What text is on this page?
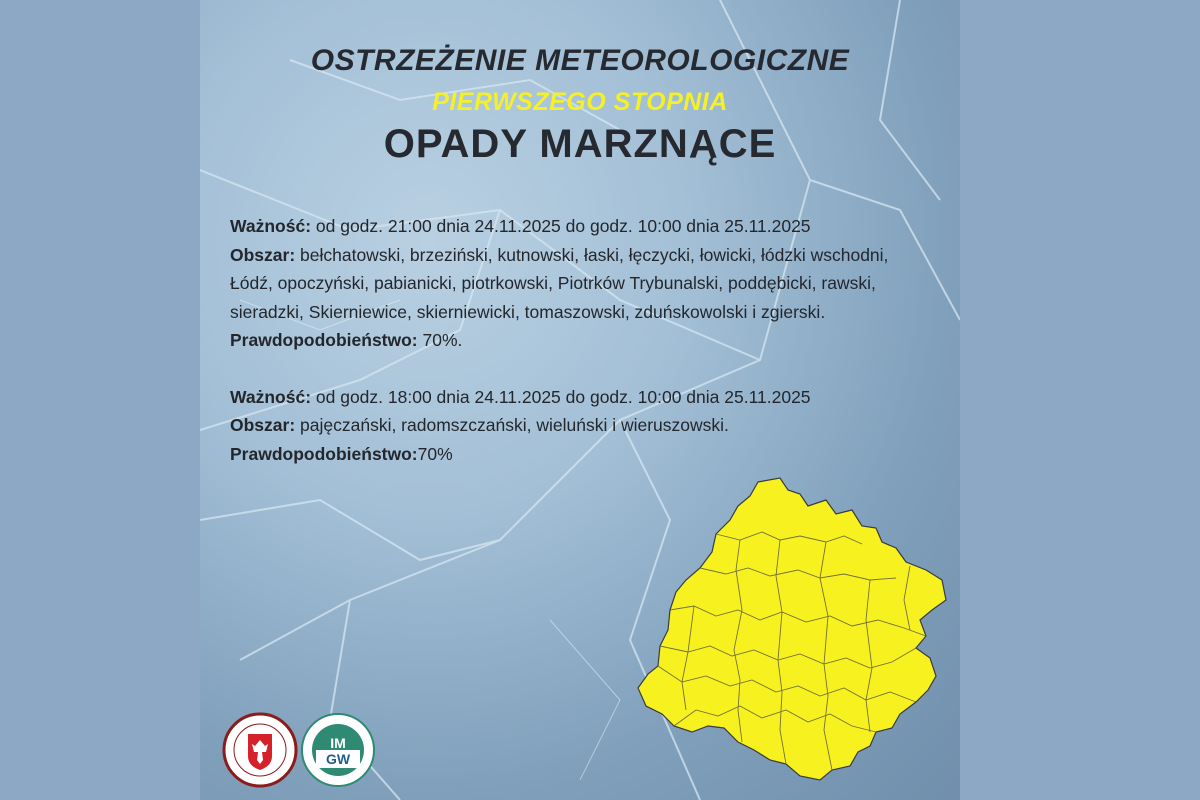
OSTRZEŻENIE METEOROLOGICZNE
PIERWSZEGO STOPNIA
OPADY MARZNĄCE
Ważność: od godz. 21:00 dnia 24.11.2025 do godz. 10:00 dnia 25.11.2025
Obszar: bełchatowski, brzeziński, kutnowski, łaski, łęczycki, łowicki, łódzki wschodni, Łódź, opoczyński, pabianicki, piotrkowski, Piotrków Trybunalski, poddębicki, rawski, sieradzki, Skierniewice, skierniewicki, tomaszowski, zduńskowolski i zgierski.
Prawdopodobieństwo: 70%.
Ważność: od godz. 18:00 dnia 24.11.2025 do godz. 10:00 dnia 25.11.2025
Obszar: pajęczański, radomszczański, wieluński i wieruszowski.
Prawdopodobieństwo:70%
IM
GW
